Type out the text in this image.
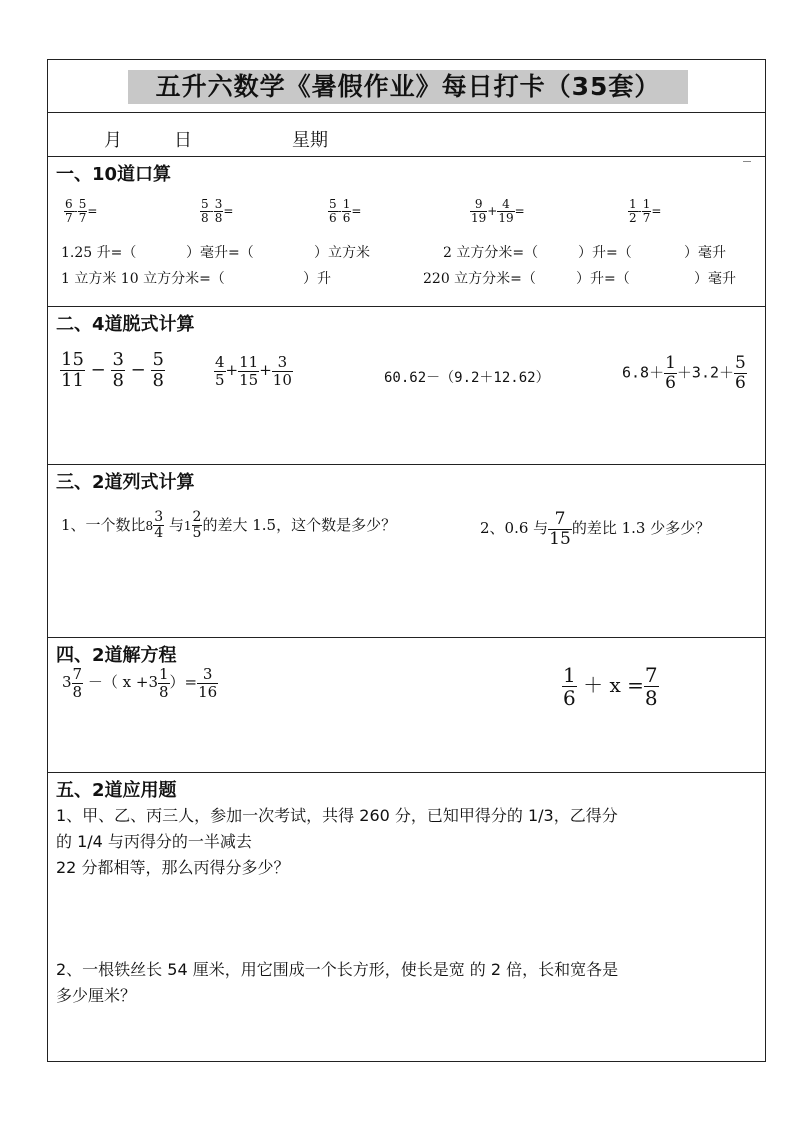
五升六数学《暑假作业》每日打卡（35套）
月	日	星期
一、10道口算
$\frac{6}{7} - \frac{5}{7}$ =	$\frac{5}{8} - \frac{3}{8}$ =	$\frac{5}{6} - \frac{1}{6}$ =	$\frac{9}{19} + \frac{4}{19}$ =	$\frac{1}{2} - \frac{1}{7}$ =
1.25 升=（	）毫升=（	）立方米	2 立方分米=（	）升=（	）毫升
1 立方米 10 立方分米=（	）升	220 立方分米=（	）升=（	）毫升
二、4道脱式计算
$\frac{15}{11} - \frac{3}{8} - \frac{5}{8}$	$\frac{4}{5} + \frac{11}{15} + \frac{3}{10}$	60.62－（9.2＋12.62）	$6.8+ \frac{1}{6} +3.2+ \frac{5}{6}$
三、2道列式计算
1、一个数比$8 \frac{3}{4}$ 与$1 \frac{2}{5}$ 的差大 1.5，这个数是多少？	2、0.6 与 $\frac{7}{15}$ 的差比 1.3 少多少？
四、2道解方程
$3 \frac{7}{8}$ －（ $x +3 \frac{1}{8}$ ）= $\frac{3}{16}$	$\frac{1}{6} + x = \frac{7}{8}$
五、2道应用题
1、甲、乙、丙三人，参加一次考试，共得 260 分，已知甲得分的 1/3，乙得分
的 1/4 与丙得分的一半减去
22 分都相等，那么丙得分多少？
2、一根铁丝长 54 厘米，用它围成一个长方形，使长是宽 的 2 倍，长和宽各是
多少厘米？
